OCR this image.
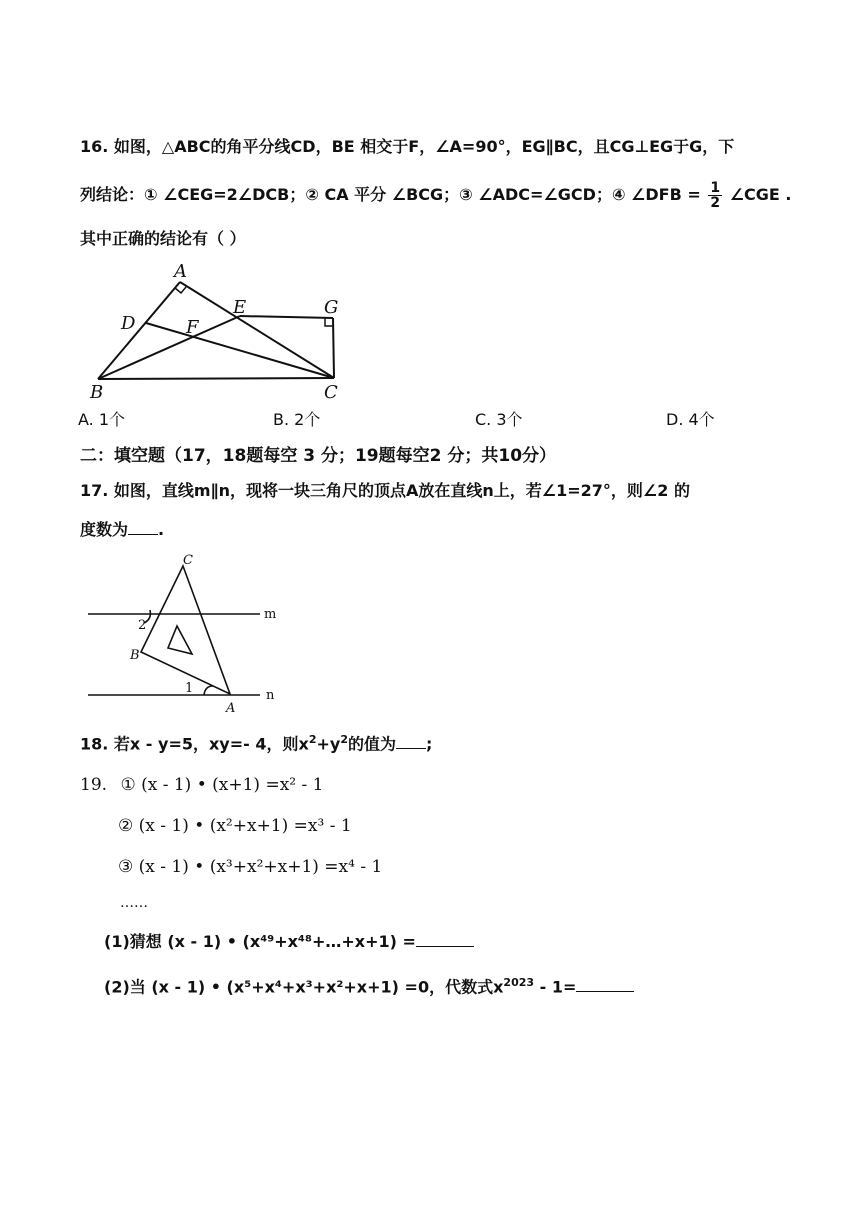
16. 如图，△ABC的角平分线CD，BE 相交于F，∠A=90°，EG∥BC，且CG⊥EG于G，下
列结论：① ∠CEG=2∠DCB；② CA 平分 ∠BCG；③ ∠ADC=∠GCD；④ ∠DFB = $\frac{1}{2}$ ∠CGE .
其中正确的结论有（ ）
A
D
E	G
F
B	C
A. 1个	B. 2个	C. 3个	D. 4个
二：填空题（17，18题每空 3 分；19题每空2 分；共10分）
17. 如图，直线m∥n，现将一块三角尺的顶点A放在直线n上，若∠1=27°，则∠2 的
度数为 .
C
B
A
m
n
1
2
18. 若x - y=5，xy=- 4，则$x^2+y^2$的值为 ;
19. ① (x - 1) • (x+1) =x² - 1
② (x - 1) • (x²+x+1) =x³ - 1
③ (x - 1) • (x³+x²+x+1) =x⁴ - 1
……
(1)猜想 (x - 1) • (x⁴⁹+x⁴⁸+…+x+1) =
(2)当 (x - 1) • (x⁵+x⁴+x³+x²+x+1) =0，代数式$x^{2023} - 1=$
